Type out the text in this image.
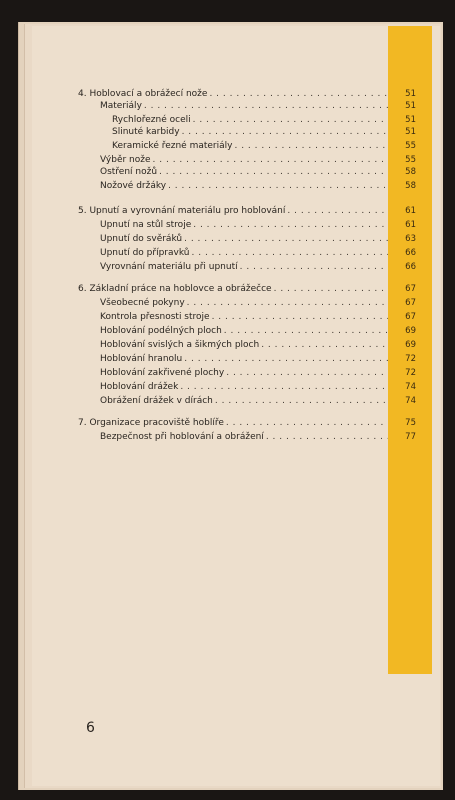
4. Hoblovací a obrážecí nože . . .	51
Materiály . . .	51
Rychlořezné oceli . . .	51
Slinuté karbidy . . .	51
Keramické řezné materiály . . .	55
Výběr nože . . .	55
Ostření nožů . . .	58
Nožové držáky . . .	58
5. Upnutí a vyrovnání materiálu pro hoblování . . .	61
Upnutí na stůl stroje . . .	61
Upnutí do svěráků . . .	63
Upnutí do přípravků . . .	66
Vyrovnání materiálu při upnutí . . .	66
6. Základní práce na hoblovce a obrážečce . . .	67
Všeobecné pokyny . . .	67
Kontrola přesnosti stroje . . .	67
Hoblování podélných ploch . . .	69
Hoblování svislých a šikmých ploch . . .	69
Hoblování hranolu . . .	72
Hoblování zakřivené plochy . . .	72
Hoblování drážek . . .	74
Obrážení drážek v dírách . . .	74
7. Organizace pracoviště hoblíře . . .	75
Bezpečnost při hoblování a obrážení . . .	77
6
